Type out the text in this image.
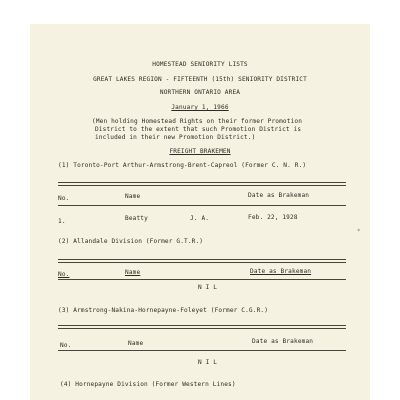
HOMESTEAD SENIORITY LISTS
GREAT LAKES REGION - FIFTEENTH (15th) SENIORITY DISTRICT
NORTHERN ONTARIO AREA
January 1, 1966
(Men holding Homestead Rights on their former Promotion
District to the extent that such Promotion District is
included in their new Promotion District.)
FREIGHT BRAKEMEN
(1) Toronto-Port Arthur-Armstrong-Brent-Capreol (Former C. N. R.)
No.	Name	Date as Brakeman
1.	Beatty	J. A.	Feb. 22, 1928
(2) Allandale Division (Former G.T.R.)
No.	Name	Date as Brakeman
N I L
(3) Armstrong-Nakina-Hornepayne-Foleyet (Former C.G.R.)
No.	Name	Date as Brakeman
N I L
(4) Hornepayne Division (Former Western Lines)
*
